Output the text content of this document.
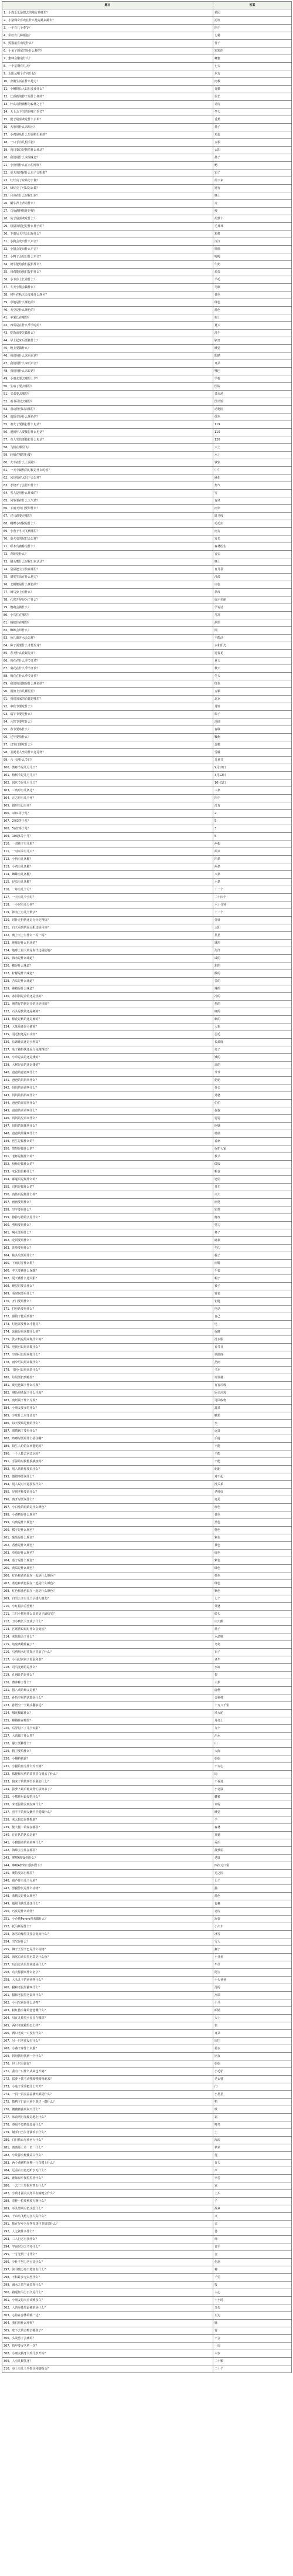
题目	答案
1、小鹿乐乐最想去的地方是哪里？	花园
2、小猪佩奇喜欢在什么地方跳来跳去？	泥坑
3、一年有几个季节？	四个
4、彩虹有几种颜色？	七种
5、熊猫最喜欢吃什么？	竹子
6、小兔子的尾巴是什么样的？	短短的
7、蜜蜂会酿造什么？	蜂蜜
8、一个星期有几天？	七天
9、太阳从哪个方向升起？	东方
10、企鹅生活在什么地方？	南极
11、小蝌蚪长大以后变成什么？	青蛙
12、长颈鹿的脖子是什么样的？	很长
13、什么动物被称为森林之王？	老虎
14、天上会下雪的是哪个季节？	冬天
15、猴子最喜欢吃什么水果？	香蕉
16、大象用什么来喝水？	鼻子
17、小鸡是从什么里面孵出来的？	鸡蛋
18、一只手有几根手指？	五根
19、向日葵总是朝着什么转动？	太阳
20、我们用什么来闻味道？	鼻子
21、小鱼用什么在水里呼吸？	鳃
22、夏天的时候什么虫子会唱歌？	知了
23、红灯亮了应该怎么做？	停下来
24、绿灯亮了可以怎么做？	通行
25、月亮在什么时候出来？	晚上
26、蜗牛背上背着什么？	壳
27、乌龟跑得快还是慢？	慢
28、兔子最喜欢吃什么？	胡萝卜
29、松鼠的尾巴是什么样子的？	毛茸茸
30、下雨后天空会出现什么？	彩虹
31、小狗会发出什么声音？	汪汪
32、小猫会发出什么声音？	喵喵
33、小鸭子会发出什么声音？	嘎嘎
34、奶牛能给我们提供什么？	牛奶
35、母鸡能给我们提供什么？	鸡蛋
36、小羊身上长着什么？	羊毛
37、冬天小熊会做什么？	冬眠
38、树叶在秋天会变成什么颜色？	黄色
39、草地是什么颜色的？	绿色
40、天空是什么颜色的？	蓝色
41、苹果长在哪里？	树上
42、西瓜是在什么季节吃的？	夏天
43、吃饭前要先做什么？	洗手
44、早上起床后要做什么？	刷牙
45、晚上要做什么？	睡觉
46、我们用什么来看东西？	眼睛
47、我们用什么来听声音？	耳朵
48、我们用什么来说话？	嘴巴
49、小朋友要去哪里上学？	学校
50、生病了要去哪里？	医院
51、买菜要去哪里？	菜市场
52、看书可以去哪里？	图书馆
53、看动物可以去哪里？	动物园
54、消防车是什么颜色的？	红色
55、着火了要拨打什么电话？	119
56、遇到坏人要拨打什么电话？	110
57、有人受伤要拨打什么电话？	120
58、飞机在哪里飞？	天上
59、轮船在哪里行驶？	水上
60、火车在什么上面跑？	铁轨
61、一天中最热的时候是什么时候？	中午
62、冰块放在太阳下会怎样？	融化
63、水烧开了会冒出什么？	热气
64、雪人是用什么堆成的？	雪
65、风筝要在什么天气放？	有风
66、下雨天出门要带什么？	雨伞
67、过马路要走哪里？	斑马线
68、蝴蝶小时候是什么？	毛毛虫
69、小燕子冬天飞到哪里？	南方
70、萤火虫的尾巴会怎样？	发光
71、啄木鸟被称为什么？	森林医生
72、青蛙吃什么？	害虫
73、猫头鹰什么时候出来活动？	晚上
74、袋鼠把宝宝放在哪里？	育儿袋
75、骆驼生活在什么地方？	沙漠
76、北极熊是什么颜色的？	白色
77、斑马身上有什么？	条纹
78、孔雀开屏是为了什么？	展示美丽
79、鹦鹉会做什么？	学说话
80、小鸟住在哪里？	鸟窝
81、蚂蚁住在哪里？	洞里
82、蜘蛛会织什么？	网
83、鱼儿离开水会怎样？	不能活
84、种子需要什么才能发芽？	水和阳光
85、春天什么花最先开？	迎春花
86、荷花在什么季节开放？	夏天
87、菊花在什么季节开放？	秋天
88、梅花在什么季节开放？	冬天
89、我们的国旗是什么颜色的？	红色
90、国旗上有几颗星星？	五颗
91、我们国家的首都是哪里？	北京
92、中秋节要吃什么？	月饼
93、端午节要吃什么？	粽子
94、元宵节要吃什么？	汤圆
95、春节要贴什么？	春联
96、过年要放什么？	鞭炮
97、过生日要吃什么？	蛋糕
98、圣诞老人坐着什么送礼物？	雪橇
99、六一是什么节日？	儿童节
100、教师节是几月几日？	9月10日
101、植树节是几月几日？	3月12日
102、国庆节是几月几日？	10月1日
103、三角形有几条边？	三条
104、正方形有几个角？	四个
105、圆形有没有角？	没有
106、1加1等于几？	2
107、2加3等于几？	5
108、5减2等于几？	3
109、10减5等于几？	5
110、一双筷子有几根？	两根
111、一对耳朵有几只？	两只
112、小狗有几条腿？	四条
113、小鸡有几条腿？	两条
114、蜘蛛有几条腿？	八条
115、昆虫有几条腿？	六条
116、一年有几个月？	十二个
117、一天有几个小时？	二十四个
118、一小时有几分钟？	六十分钟
119、钟表上有几个数字？	十二个
120、时针走得快还是分针走得快？	分针
121、白天看到的是太阳还是月亮？	太阳
122、晚上天上有什么一闪一闪？	星星
123、地球是什么形状的？	球形
124、地球上最大的是海洋还是陆地？	海洋
125、海水是什么味道？	咸的
126、糖是什么味道？	甜的
127、柠檬是什么味道？	酸的
128、苦瓜是什么味道？	苦的
129、辣椒是什么味道？	辣的
130、冰淇淋是冷的还是热的？	冷的
131、刚煮好的粥是冷的还是热的？	热的
132、石头是软的还是硬的？	硬的
133、棉花是软的还是硬的？	软的
134、大象重还是小猫重？	大象
135、羽毛轻还是石头轻？	羽毛
136、长颈鹿高还是小狗高？	长颈鹿
137、兔子跑得快还是乌龟跑得快？	兔子
138、小草是高的还是矮的？	矮的
139、大树是高的还是矮的？	高的
140、爸爸的爸爸叫什么？	爷爷
141、爸爸的妈妈叫什么？	奶奶
142、妈妈的爸爸叫什么？	外公
143、妈妈的妈妈叫什么？	外婆
144、爸爸的哥哥叫什么？	伯伯
145、爸爸的弟弟叫什么？	叔叔
146、妈妈的兄弟叫什么？	舅舅
147、妈妈的姐妹叫什么？	阿姨
148、爸爸的姐妹叫什么？	姑姑
149、医生是做什么的？	看病
150、警察是做什么的？	保护大家
151、老师是做什么的？	教书
152、厨师是做什么的？	做饭
153、农民伯伯种什么？	粮食
154、邮递员是做什么的？	送信
155、司机是做什么的？	开车
156、消防员是做什么的？	灭火
157、画画要用什么？	画笔
158、写字要用什么？	铅笔
159、擦掉写错的字用什么？	橡皮
160、剪纸要用什么？	剪刀
161、喝水要用什么？	杯子
162、吃饭要用什么？	碗筷
163、洗脸要用什么？	毛巾
164、梳头发要用什么？	梳子
165、下雨时穿什么鞋？	雨鞋
166、冬天要戴什么保暖？	手套
167、夏天戴什么遮太阳？	帽子
168、睡觉时要盖什么？	被子
169、看时间要看什么？	钟表
170、开门要用什么？	钥匙
171、打电话要用什么？	电话
172、照镜子能看到谁？	自己
173、灯泡需要什么才能亮？	电
174、冰箱是用来做什么的？	保鲜
175、洗衣机是用来做什么的？	洗衣服
176、电视可以用来做什么？	看节目
177、空调可以用来做什么？	调温度
178、雨伞可以用来做什么？	挡雨
179、书包可以用来装什么？	书本
180、垃圾要扔到哪里？	垃圾桶
181、废电池属于什么垃圾？	有害垃圾
182、剩饭剩菜属于什么垃圾？	厨余垃圾
183、废纸属于什么垃圾？	可回收物
184、小朋友要多吃什么？	蔬菜
185、少吃什么对牙齿好？	糖果
186、每天要喝足够的什么？	水
187、眼睛累了要看什么？	远处
188、咳嗽时要用什么捂住嘴？	手肘
189、陌生人给的东西能吃吗？	不能
190、一个人能去河边玩吗？	不能
191、手湿的时候能摸插座吗？	不能
192、别人帮助你要说什么？	谢谢
193、做错事要说什么？	对不起
194、别人说对不起要说什么？	没关系
195、见到老师要说什么？	老师好
196、离开时要说什么？	再见
197、小白兔的眼睛是什么颜色？	红色
198、小黄鸭是什么颜色？	黄色
199、乌鸦是什么颜色？	黑色
200、橘子是什么颜色？	橙色
201、葡萄是什么颜色？	紫色
202、香蕉是什么颜色？	黄色
203、草莓是什么颜色？	红色
204、茄子是什么颜色？	紫色
205、黄瓜是什么颜色？	绿色
206、红色和黄色混在一起是什么颜色？	橙色
207、蓝色和黄色混在一起是什么颜色？	绿色
208、红色和蓝色混在一起是什么颜色？	紫色
209、白雪公主有几个小矮人朋友？	七个
210、小红帽去看望谁？	外婆
211、三只小猪用什么盖的房子最结实？	砖头
212、丑小鸭长大变成了什么？	白天鹅
213、匹诺曹说谎时什么会变长？	鼻子
214、灰姑娘丢了什么？	水晶鞋
215、龟兔赛跑谁赢了？	乌龟
216、乌鸦喝水时往瓶子里放了什么？	石子
217、小马过河问了松鼠和谁？	老牛
218、司马光砸的是什么？	水缸
219、孔融让的是什么？	梨
220、曹冲称了什么？	大象
221、猪八戒的师父是谁？	唐僧
222、孙悟空用的武器是什么？	金箍棒
223、孙悟空一个跟头翻多远？	十万八千里
224、哪吒脚踩什么？	风火轮
225、嫦娥住在哪里？	月亮上
226、后羿射下了几个太阳？	九个
227、大禹做了什么事？	治水
228、愚公要移什么？	山
229、精卫要填什么？	大海
230、小蝌蚪找谁？	妈妈
231、小猫钓鱼为什么钓不到？	不专心
232、狐狸和乌鸦的故事里乌鸦丢了什么？	肉
233、狼来了的故事告诉我们什么？	不说谎
234、拔萝卜最后谁来帮忙拔出来了？	小老鼠
235、小熊维尼最爱吃什么？	蜂蜜
236、米老鼠的女朋友叫什么？	米妮
237、喜羊羊的朋友懒羊羊爱做什么？	睡觉
238、灰太狼总是想抓谁？	羊
239、熊大熊二的家在哪里？	森林
240、汪汪队的队长是谁？	莱德
241、小猪佩奇的弟弟叫什么？	乔治
242、海绵宝宝住在哪里？	菠萝屋
243、哆啦A梦最怕什么？	老鼠
244、哆啦A梦的口袋叫什么？	四次元口袋
245、奥特曼来自哪里？	光之国
246、葫芦娃有几个兄弟？	七个
247、黑猫警长是什么动物？	猫
248、蓝精灵是什么颜色？	蓝色
249、超级飞侠乐迪送什么？	包裹
250、巧虎是什么动物？	老虎
251、小企鹅Pororo喜欢做什么？	玩耍
252、托马斯是什么？	小火车
253、冰雪奇缘里艾莎会变出什么？	冰雪
254、雪宝是什么？	雪人
255、狮子王里辛巴是什么动物？	狮子
256、海底总动员里尼莫是什么鱼？	小丑鱼
257、玩具总动员里胡迪是什么？	牛仔
258、功夫熊猫叫什么名字？	阿宝
259、大头儿子的爸爸叫什么？	小头爸爸
260、猫和老鼠里猫叫什么？	汤姆
261、猫和老鼠里老鼠叫什么？	杰瑞
262、小马宝莉是什么动物？	小马
263、粉红猪小妹的爸爸戴什么？	眼镜
264、贝瓦儿歌里小星星在哪里？	天上
265、两只老虎跑得怎么样？	快
266、两只老虎一只没有什么？	耳朵
267、另一只老虎没有什么？	尾巴
268、小燕子穿什么衣服？	花衣
269、找呀找呀找到一个什么？	朋友
270、世上只有谁好？	妈妈
271、我有一只什么从来也不骑？	小毛驴
272、拔萝卜拔不动嘿呦嘿呦叫谁来？	老太婆
273、小兔子乖乖把什么开开？	门
274、一闪一闪亮晶晶满天都是什么？	小星星
275、数鸭子门前大桥下游过一群什么？	鸭
276、鹅鹅鹅曲项向天什么？	歌
277、床前明月光疑是地上什么？	霜
278、春眠不觉晓处处闻什么？	啼鸟
279、锄禾日当午汗滴禾下什么？	土
280、白日依山尽黄河入什么？	海流
281、离离原上草一岁一什么？	枯荣
282、小娃撑小艇偷采白什么？	莲
283、两个黄鹂鸣翠柳一行白鹭上什么？	青天
284、远看山有色近听水无什么？	声
285、谁知盘中餐粒粒皆什么？	辛苦
286、一去二三里烟村四五什么？	家
287、小荷才露尖尖角早有蜻蜓立什么？	上头
288、春种一粒粟秋收万颗什么？	子
289、举头望明月低头思什么？	故乡
290、千山鸟飞绝万径人踪什么？	灭
291、独在异乡为异客每逢佳节倍思什么？	亲
292、人之初性本什么？	善
293、三人行必有我什么？	师
294、学而时习之不亦什么？	说乎
295、一寸光阴一寸什么？	金
296、少壮不努力老大徒什么？	伤悲
297、读书破万卷下笔如有什么？	神
298、不积跬步无以至什么？	千里
299、滴水之恩当涌泉相什么？	报
300、路遥知马力日久见什么？	人心
301、小朋友每天应该睡多久？	十小时
302、人的身体里最硬的是什么？	牙齿
303、心脏在身体的哪一边？	左边
304、我们用什么呼吸？	肺
305、吃下去的食物去哪里了？	胃
306、头发剪了会痛吗？	不会
307、指甲要多久剪一次？	一周
308、小朋友换牙大约几岁开始？	六岁
309、人有几颗乳牙？	二十颗
310、身上有几个手指头和脚指头？	二十个
